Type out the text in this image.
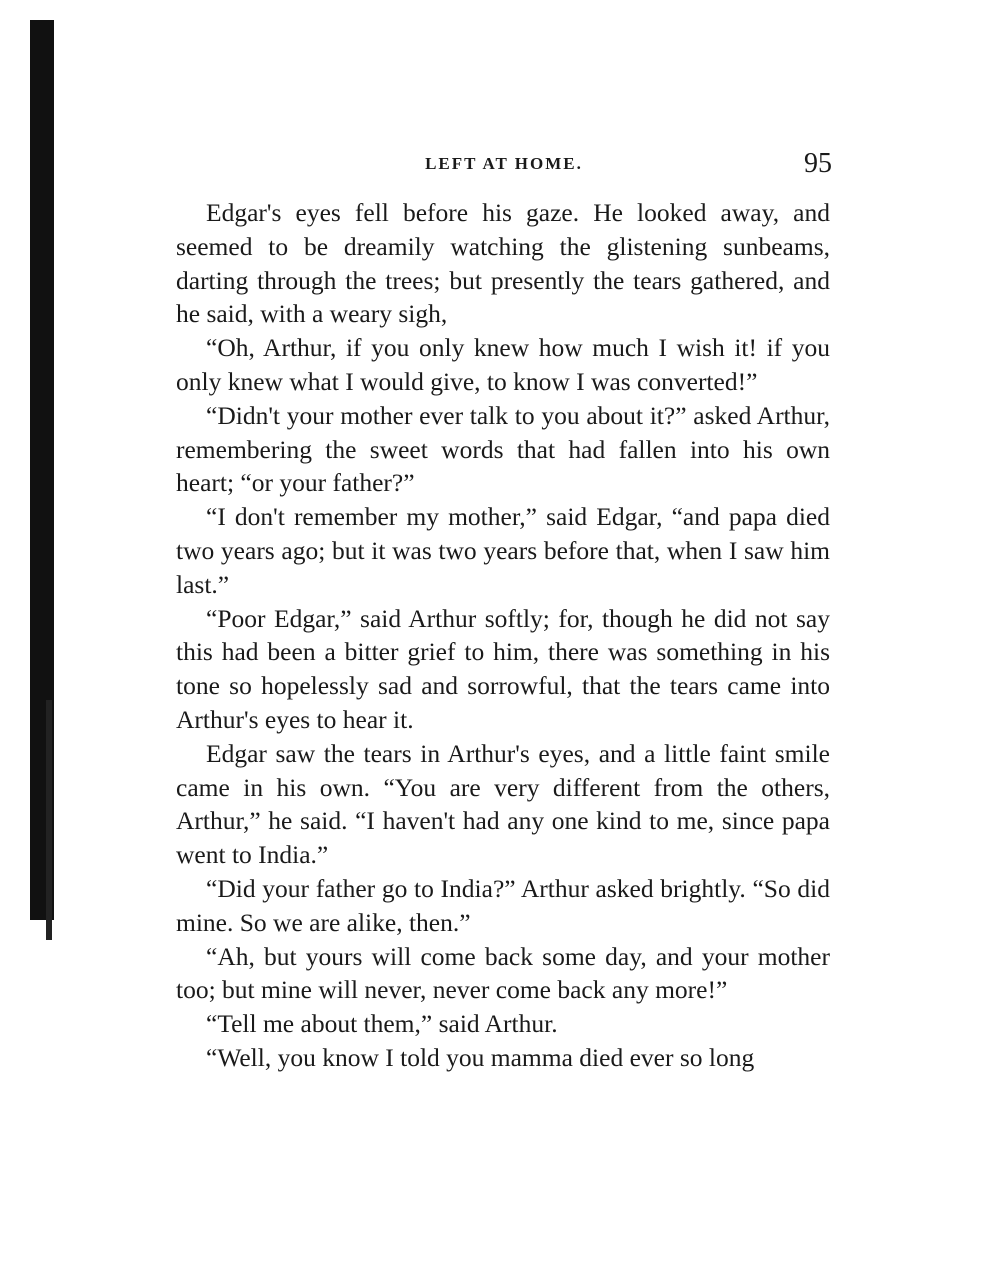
LEFT AT HOME.	95

Edgar's eyes fell before his gaze. He looked away, and seemed to be dreamily watching the glistening sunbeams, darting through the trees; but presently the tears gathered, and he said, with a weary sigh,

“Oh, Arthur, if you only knew how much I wish it! if you only knew what I would give, to know I was converted!”

“Didn't your mother ever talk to you about it?” asked Arthur, remembering the sweet words that had fallen into his own heart; “or your father?”

“I don't remember my mother,” said Edgar, “and papa died two years ago; but it was two years before that, when I saw him last.”

“Poor Edgar,” said Arthur softly; for, though he did not say this had been a bitter grief to him, there was something in his tone so hopelessly sad and sorrowful, that the tears came into Arthur's eyes to hear it.

Edgar saw the tears in Arthur's eyes, and a little faint smile came in his own. “You are very different from the others, Arthur,” he said. “I haven't had any one kind to me, since papa went to India.”

“Did your father go to India?” Arthur asked brightly. “So did mine. So we are alike, then.”

“Ah, but yours will come back some day, and your mother too; but mine will never, never come back any more!”

“Tell me about them,” said Arthur.

“Well, you know I told you mamma died ever so long
